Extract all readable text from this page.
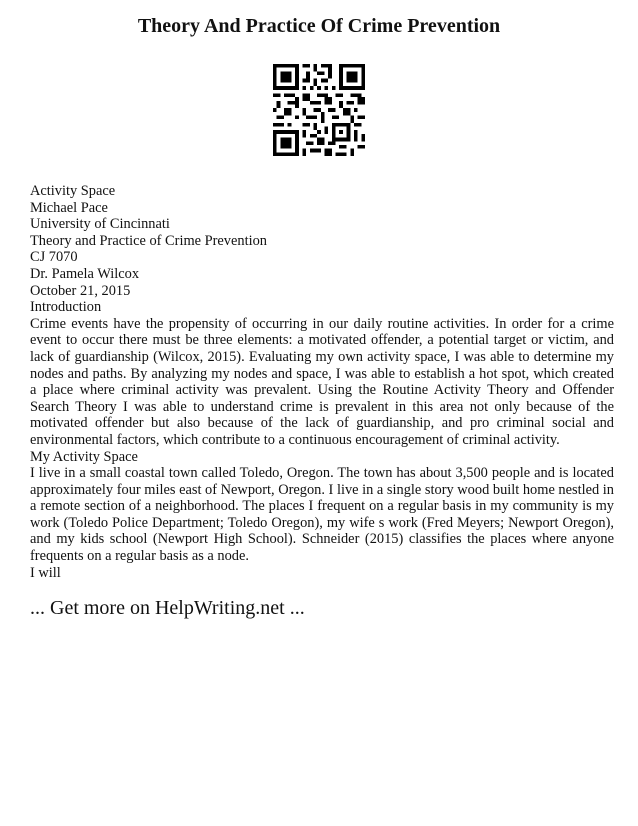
Theory And Practice Of Crime Prevention
Activity Space
Michael Pace
University of Cincinnati
Theory and Practice of Crime Prevention
CJ 7070
Dr. Pamela Wilcox
October 21, 2015
Introduction

Crime events have the propensity of occurring in our daily routine activities. In order for a crime event to occur there must be three elements: a motivated offender, a potential target or victim, and lack of guardianship (Wilcox, 2015). Evaluating my own activity space, I was able to determine my nodes and paths. By analyzing my nodes and space, I was able to establish a hot spot, which created a place where criminal activity was prevalent. Using the Routine Activity Theory and Offender Search Theory I was able to understand crime is prevalent in this area not only because of the motivated offender but also because of the lack of guardianship, and pro criminal social and environmental factors, which contribute to a continuous encouragement of criminal activity.

My Activity Space

I live in a small coastal town called Toledo, Oregon. The town has about 3,500 people and is located approximately four miles east of Newport, Oregon. I live in a single story wood built home nestled in a remote section of a neighborhood. The places I frequent on a regular basis in my community is my work (Toledo Police Department; Toledo Oregon), my wife s work (Fred Meyers; Newport Oregon), and my kids school (Newport High School). Schneider (2015) classifies the places where anyone frequents on a regular basis as a node.

I will
... Get more on HelpWriting.net ...
